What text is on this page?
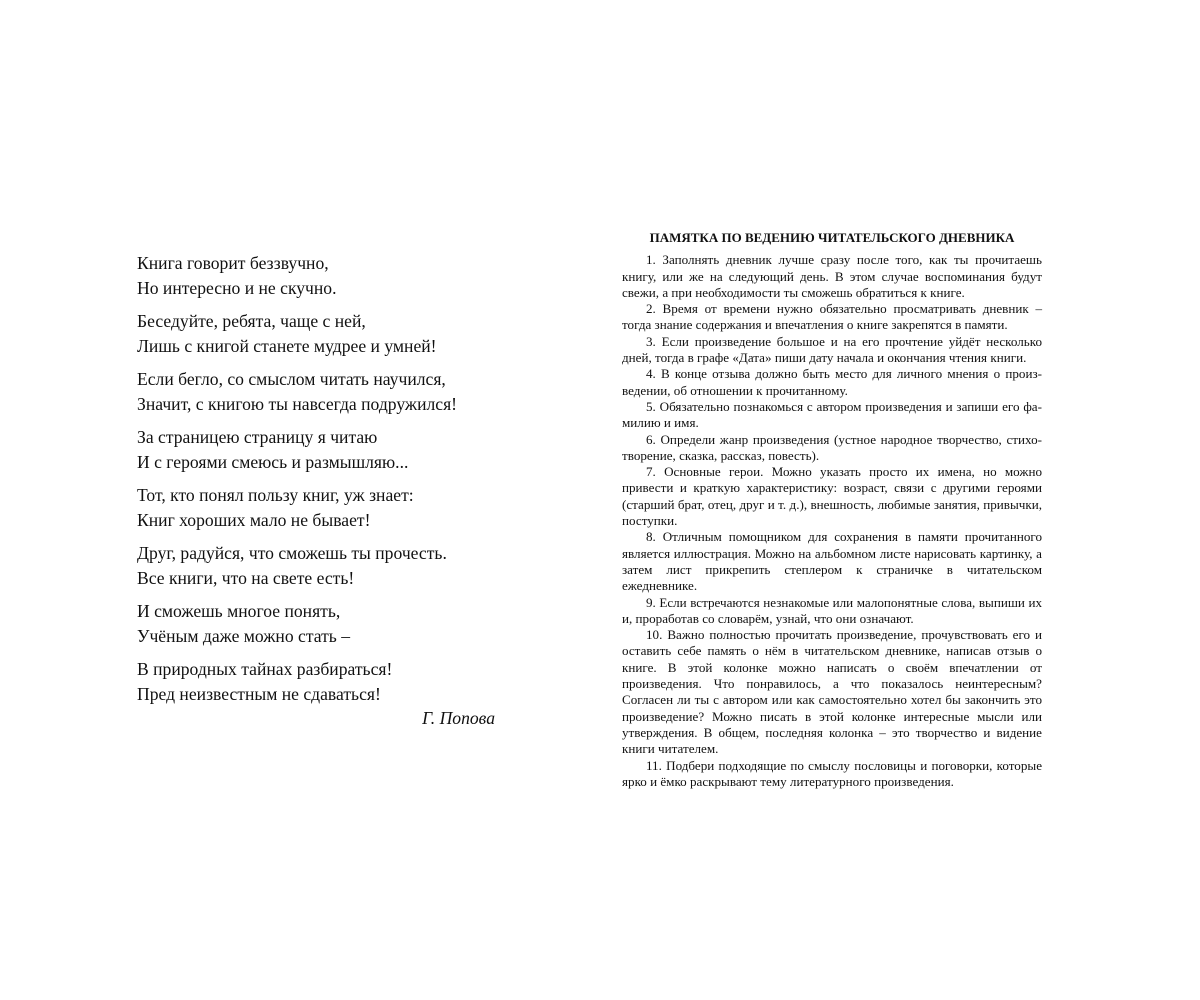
Книга говорит беззвучно,
Но интересно и не скучно.
Беседуйте, ребята, чаще с ней,
Лишь с книгой станете мудрее и умней!
Если бегло, со смыслом читать научился,
Значит, с книгою ты навсегда подружился!
За страницею страницу я читаю
И с героями смеюсь и размышляю...
Тот, кто понял пользу книг, уж знает:
Книг хороших мало не бывает!
Друг, радуйся, что сможешь ты прочесть.
Все книги, что на свете есть!
И сможешь многое понять,
Учёным даже можно стать –
В природных тайнах разбираться!
Пред неизвестным не сдаваться!
Г. Попова
ПАМЯТКА ПО ВЕДЕНИЮ ЧИТАТЕЛЬСКОГО ДНЕВНИКА

1. Заполнять дневник лучше сразу после того, как ты прочитаешь книгу, или же на следующий день. В этом случае воспоминания будут свежи, а при необходимости ты сможешь обратиться к книге.

2. Время от времени нужно обязательно просматривать дневник – тогда знание содержания и впечатления о книге закрепятся в памяти.

3. Если произведение большое и на его прочтение уйдёт несколько дней, тогда в графе «Дата» пиши дату начала и окончания чтения книги.

4. В конце отзыва должно быть место для личного мнения о произведении, об отношении к прочитанному.

5. Обязательно познакомься с автором произведения и запиши его фамилию и имя.

6. Определи жанр произведения (устное народное творчество, стихотворение, сказка, рассказ, повесть).

7. Основные герои. Можно указать просто их имена, но можно привести и краткую характеристику: возраст, связи с другими героями (старший брат, отец, друг и т. д.), внешность, любимые занятия, привычки, поступки.

8. Отличным помощником для сохранения в памяти прочитанного является иллюстрация. Можно на альбомном листе нарисовать картинку, а затем лист прикрепить степлером к страничке в читательском ежедневнике.

9. Если встречаются незнакомые или малопонятные слова, выпиши их и, проработав со словарём, узнай, что они означают.

10. Важно полностью прочитать произведение, прочувствовать его и оставить себе память о нём в читательском дневнике, написав отзыв о книге. В этой колонке можно написать о своём впечатлении от произведения. Что понравилось, а что показалось неинтересным? Согласен ли ты с автором или как самостоятельно хотел бы закончить это произведение? Можно писать в этой колонке интересные мысли или утверждения. В общем, последняя колонка – это творчество и видение книги читателем.

11. Подбери подходящие по смыслу пословицы и поговорки, которые ярко и ёмко раскрывают тему литературного произведения.
